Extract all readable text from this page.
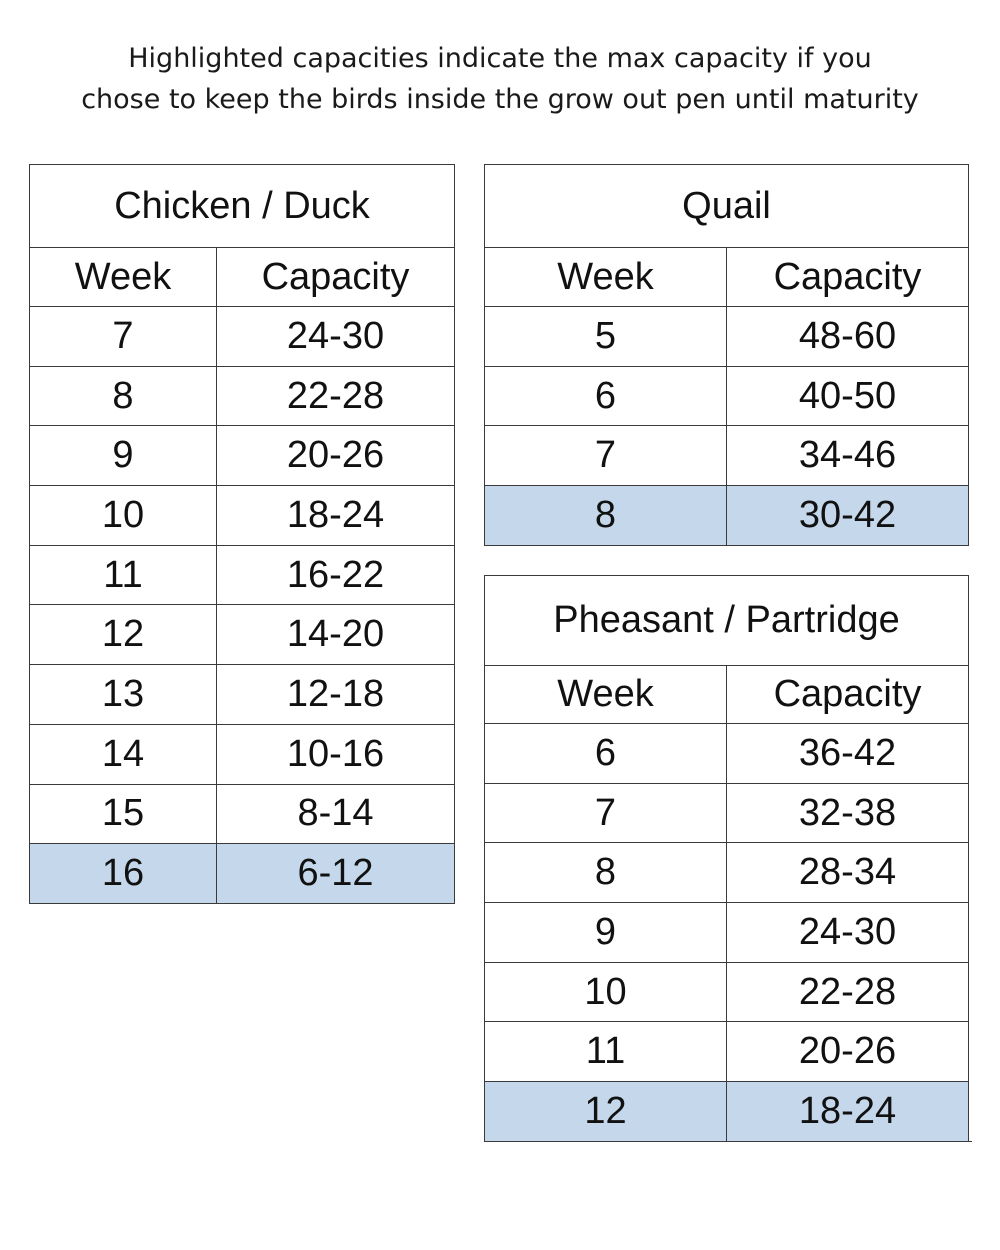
Highlighted capacities indicate the max capacity if you
chose to keep the birds inside the grow out pen until maturity
Chicken / Duck	
Week	Capacity
7	24-30
8	22-28
9	20-26
10	18-24
11	16-22
12	14-20
13	12-18
14	10-16
15	8-14
16	6-12
Quail	
Week	Capacity
5	48-60
6	40-50
7	34-46
8	30-42
Pheasant / Partridge	
Week	Capacity
6	36-42
7	32-38
8	28-34
9	24-30
10	22-28
11	20-26
12	18-24
